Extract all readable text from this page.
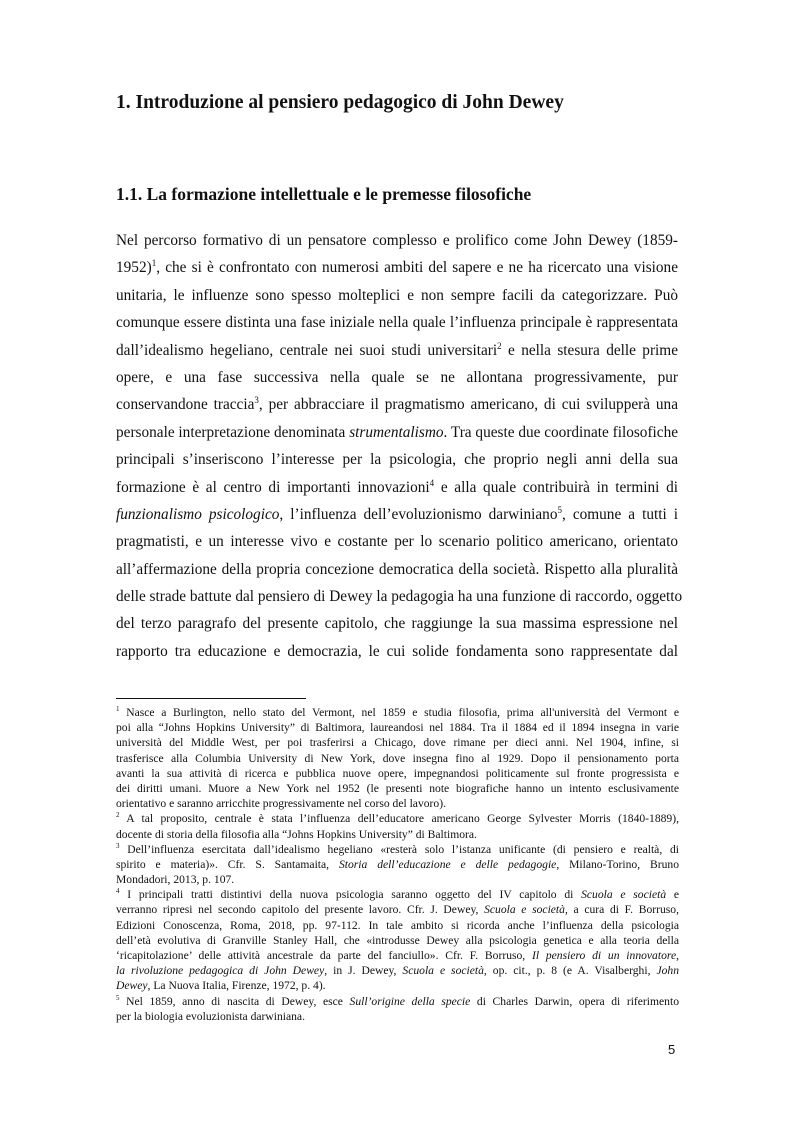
1. Introduzione al pensiero pedagogico di John Dewey
1.1. La formazione intellettuale e le premesse filosofiche
Nel percorso formativo di un pensatore complesso e prolifico come John Dewey (1859-
1952)$^1$, che si è confrontato con numerosi ambiti del sapere e ne ha ricercato una visione
unitaria, le influenze sono spesso molteplici e non sempre facili da categorizzare. Può
comunque essere distinta una fase iniziale nella quale l’influenza principale è rappresentata
dall’idealismo hegeliano, centrale nei suoi studi universitari$^2$ e nella stesura delle prime
opere, e una fase successiva nella quale se ne allontana progressivamente, pur
conservandone traccia$^3$, per abbracciare il pragmatismo americano, di cui svilupperà una
personale interpretazione denominata strumentalismo. Tra queste due coordinate filosofiche
principali s’inseriscono l’interesse per la psicologia, che proprio negli anni della sua
formazione è al centro di importanti innovazioni$^4$ e alla quale contribuirà in termini di
funzionalismo psicologico, l’influenza dell’evoluzionismo darwiniano$^5$, comune a tutti i
pragmatisti, e un interesse vivo e costante per lo scenario politico americano, orientato
all’affermazione della propria concezione democratica della società. Rispetto alla pluralità
delle strade battute dal pensiero di Dewey la pedagogia ha una funzione di raccordo, oggetto
del terzo paragrafo del presente capitolo, che raggiunge la sua massima espressione nel
rapporto tra educazione e democrazia, le cui solide fondamenta sono rappresentate dal
$^1$ Nasce a Burlington, nello stato del Vermont, nel 1859 e studia filosofia, prima all'università del Vermont e
poi alla “Johns Hopkins University” di Baltimora, laureandosi nel 1884. Tra il 1884 ed il 1894 insegna in varie
università del Middle West, per poi trasferirsi a Chicago, dove rimane per dieci anni. Nel 1904, infine, si
trasferisce alla Columbia University di New York, dove insegna fino al 1929. Dopo il pensionamento porta
avanti la sua attività di ricerca e pubblica nuove opere, impegnandosi politicamente sul fronte progressista e
dei diritti umani. Muore a New York nel 1952 (le presenti note biografiche hanno un intento esclusivamente
orientativo e saranno arricchite progressivamente nel corso del lavoro).
$^2$ A tal proposito, centrale è stata l’influenza dell’educatore americano George Sylvester Morris (1840-1889),
docente di storia della filosofia alla “Johns Hopkins University” di Baltimora.
$^3$ Dell’influenza esercitata dall’idealismo hegeliano «resterà solo l’istanza unificante (di pensiero e realtà, di
spirito e materia)». Cfr. S. Santamaita, Storia dell’educazione e delle pedagogie, Milano-Torino, Bruno
Mondadori, 2013, p. 107.
$^4$ I principali tratti distintivi della nuova psicologia saranno oggetto del IV capitolo di Scuola e società e
verranno ripresi nel secondo capitolo del presente lavoro. Cfr. J. Dewey, Scuola e società, a cura di F. Borruso,
Edizioni Conoscenza, Roma, 2018, pp. 97-112. In tale ambito si ricorda anche l’influenza della psicologia
dell’età evolutiva di Granville Stanley Hall, che «introdusse Dewey alla psicologia genetica e alla teoria della
‘ricapitolazione’ delle attività ancestrale da parte del fanciullo». Cfr. F. Borruso, Il pensiero di un innovatore,
la rivoluzione pedagogica di John Dewey, in J. Dewey, Scuola e società, op. cit., p. 8 (e A. Visalberghi, John
Dewey, La Nuova Italia, Firenze, 1972, p. 4).
$^5$ Nel 1859, anno di nascita di Dewey, esce Sull’origine della specie di Charles Darwin, opera di riferimento
per la biologia evoluzionista darwiniana.
5
